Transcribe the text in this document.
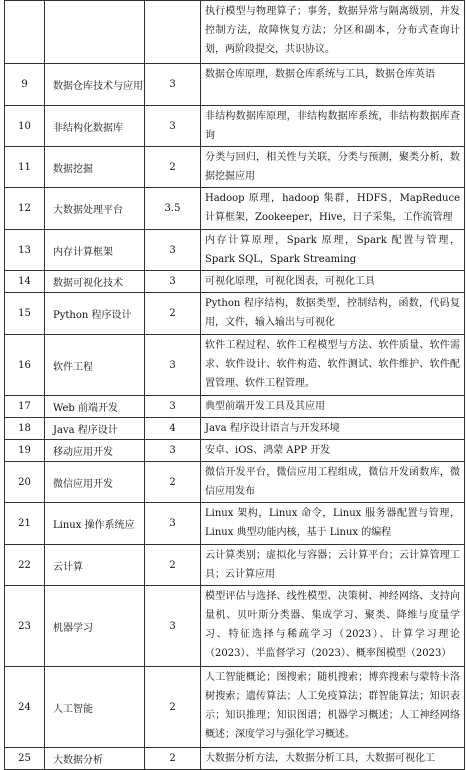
			执行模型与物理算子；事务，数据异常与隔离级别，并发控制方法，故障恢复方法；分区和副本，分布式查询计划，两阶段提交，共识协议。
9	数据仓库技术与应用	3	数据仓库原理，数据仓库系统与工具，数据仓库英语
10	非结构化数据库	3	非结构数据库原理，非结构数据库系统，非结构数据库查询
11	数据挖掘	2	分类与回归，相关性与关联，分类与预测，聚类分析，数据挖掘应用
12	大数据处理平台	3.5	Hadoop 原理，hadoop 集群，HDFS，MapReduce 计算框架，Zookeeper，Hive，日子采集，工作流管理
13	内存计算框架	3	内存计算原理，Spark 原理，Spark 配置与管理，Spark SQL，Spark Streaming
14	数据可视化技术	3	可视化原理，可视化图表，可视化工具
15	Python 程序设计	2	Python 程序结构，数据类型，控制结构，函数，代码复用，文件，输入输出与可视化
16	软件工程	3	软件工程过程、软件工程模型与方法、软件质量、软件需求、软件设计、软件构造、软件测试、软件维护、软件配置管理、软件工程管理。
17	Web 前端开发	3	典型前端开发工具及其应用
18	Java 程序设计	4	Java 程序设计语言与开发环境
19	移动应用开发	3	安卓、iOS、鸿蒙 APP 开发
20	微信应用开发	2	微信开发平台，微信应用工程组成，微信开发函数库，微信应用发布
21	Linux 操作系统应	3	Linux 架构，Linux 命令，Linux 服务器配置与管理，Linux 典型功能内核，基于 Linux 的编程
22	云计算	2	云计算类别；虚拟化与容器；云计算平台；云计算管理工具；云计算应用
23	机器学习	3	模型评估与选择、线性模型、决策树、神经网络、支持向量机、贝叶斯分类器、集成学习、聚类、降维与度量学习、特征选择与稀疏学习（2023）、计算学习理论（2023）、半监督学习（2023）、概率图模型（2023）
24	人工智能	2	人工智能概论；图搜索；随机搜索；博弈搜索与蒙特卡洛树搜索；遗传算法；人工免疫算法；群智能算法；知识表示；知识推理；知识图谱；机器学习概述；人工神经网络概述；深度学习与强化学习概述。
25	大数据分析	2	大数据分析方法，大数据分析工具，大数据可视化工
